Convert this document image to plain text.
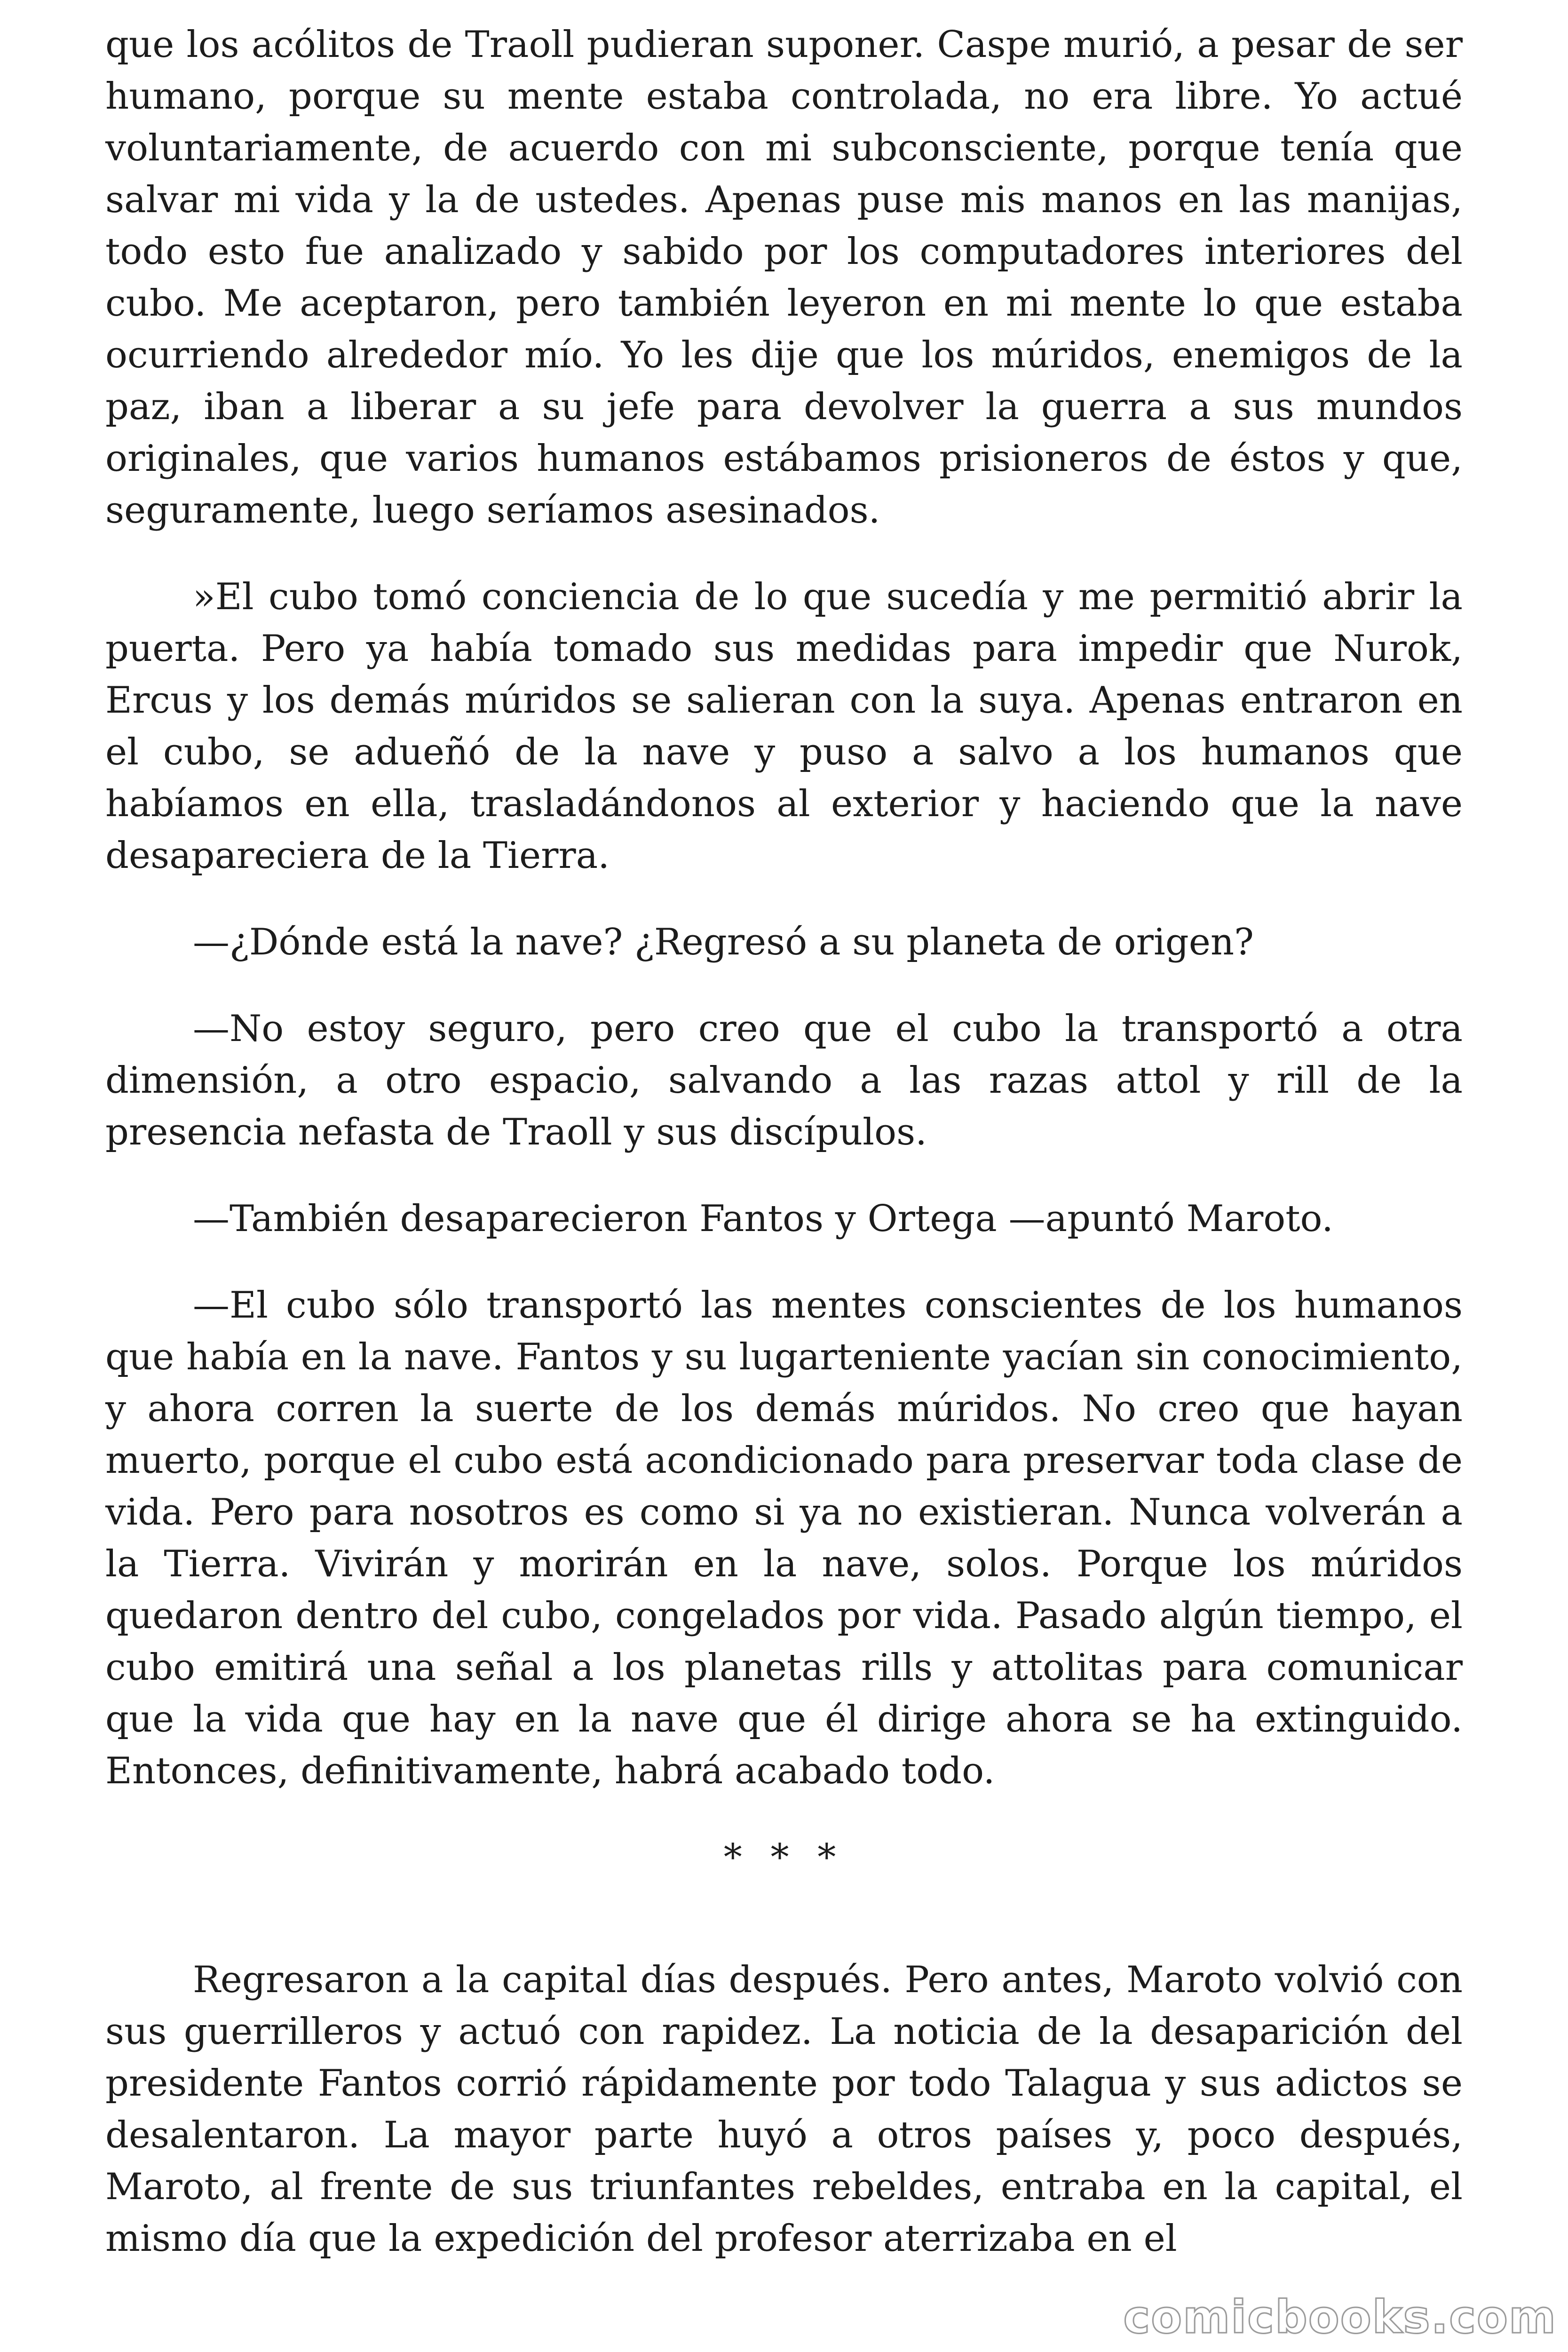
que los acólitos de Traoll pudieran suponer. Caspe murió, a pesar de ser humano, porque su mente estaba controlada, no era libre. Yo actué voluntariamente, de acuerdo con mi subconsciente, porque tenía que salvar mi vida y la de ustedes. Apenas puse mis manos en las manijas, todo esto fue analizado y sabido por los computadores interiores del cubo. Me aceptaron, pero también leyeron en mi mente lo que estaba ocurriendo alrededor mío. Yo les dije que los múridos, enemigos de la paz, iban a liberar a su jefe para devolver la guerra a sus mundos originales, que varios humanos estábamos prisioneros de éstos y que, seguramente, luego seríamos asesinados.

»El cubo tomó conciencia de lo que sucedía y me permitió abrir la puerta. Pero ya había tomado sus medidas para impedir que Nurok, Ercus y los demás múridos se salieran con la suya. Apenas entraron en el cubo, se adueñó de la nave y puso a salvo a los humanos que habíamos en ella, trasladándonos al exterior y haciendo que la nave desapareciera de la Tierra.

—¿Dónde está la nave? ¿Regresó a su planeta de origen?

—No estoy seguro, pero creo que el cubo la transportó a otra dimensión, a otro espacio, salvando a las razas attol y rill de la presencia nefasta de Traoll y sus discípulos.

—También desaparecieron Fantos y Ortega —apuntó Maroto.

—El cubo sólo transportó las mentes conscientes de los humanos que había en la nave. Fantos y su lugarteniente yacían sin conocimiento, y ahora corren la suerte de los demás múridos. No creo que hayan muerto, porque el cubo está acondicionado para preservar toda clase de vida. Pero para nosotros es como si ya no existieran. Nunca volverán a la Tierra. Vivirán y morirán en la nave, solos. Porque los múridos quedaron dentro del cubo, congelados por vida. Pasado algún tiempo, el cubo emitirá una señal a los planetas rills y attolitas para comunicar que la vida que hay en la nave que él dirige ahora se ha extinguido. Entonces, definitivamente, habrá acabado todo.

* * *

Regresaron a la capital días después. Pero antes, Maroto volvió con sus guerrilleros y actuó con rapidez. La noticia de la desaparición del presidente Fantos corrió rápidamente por todo Talagua y sus adictos se desalentaron. La mayor parte huyó a otros países y, poco después, Maroto, al frente de sus triunfantes rebeldes, entraba en la capital, el mismo día que la expedición del profesor aterrizaba en el

comicbooks.com
